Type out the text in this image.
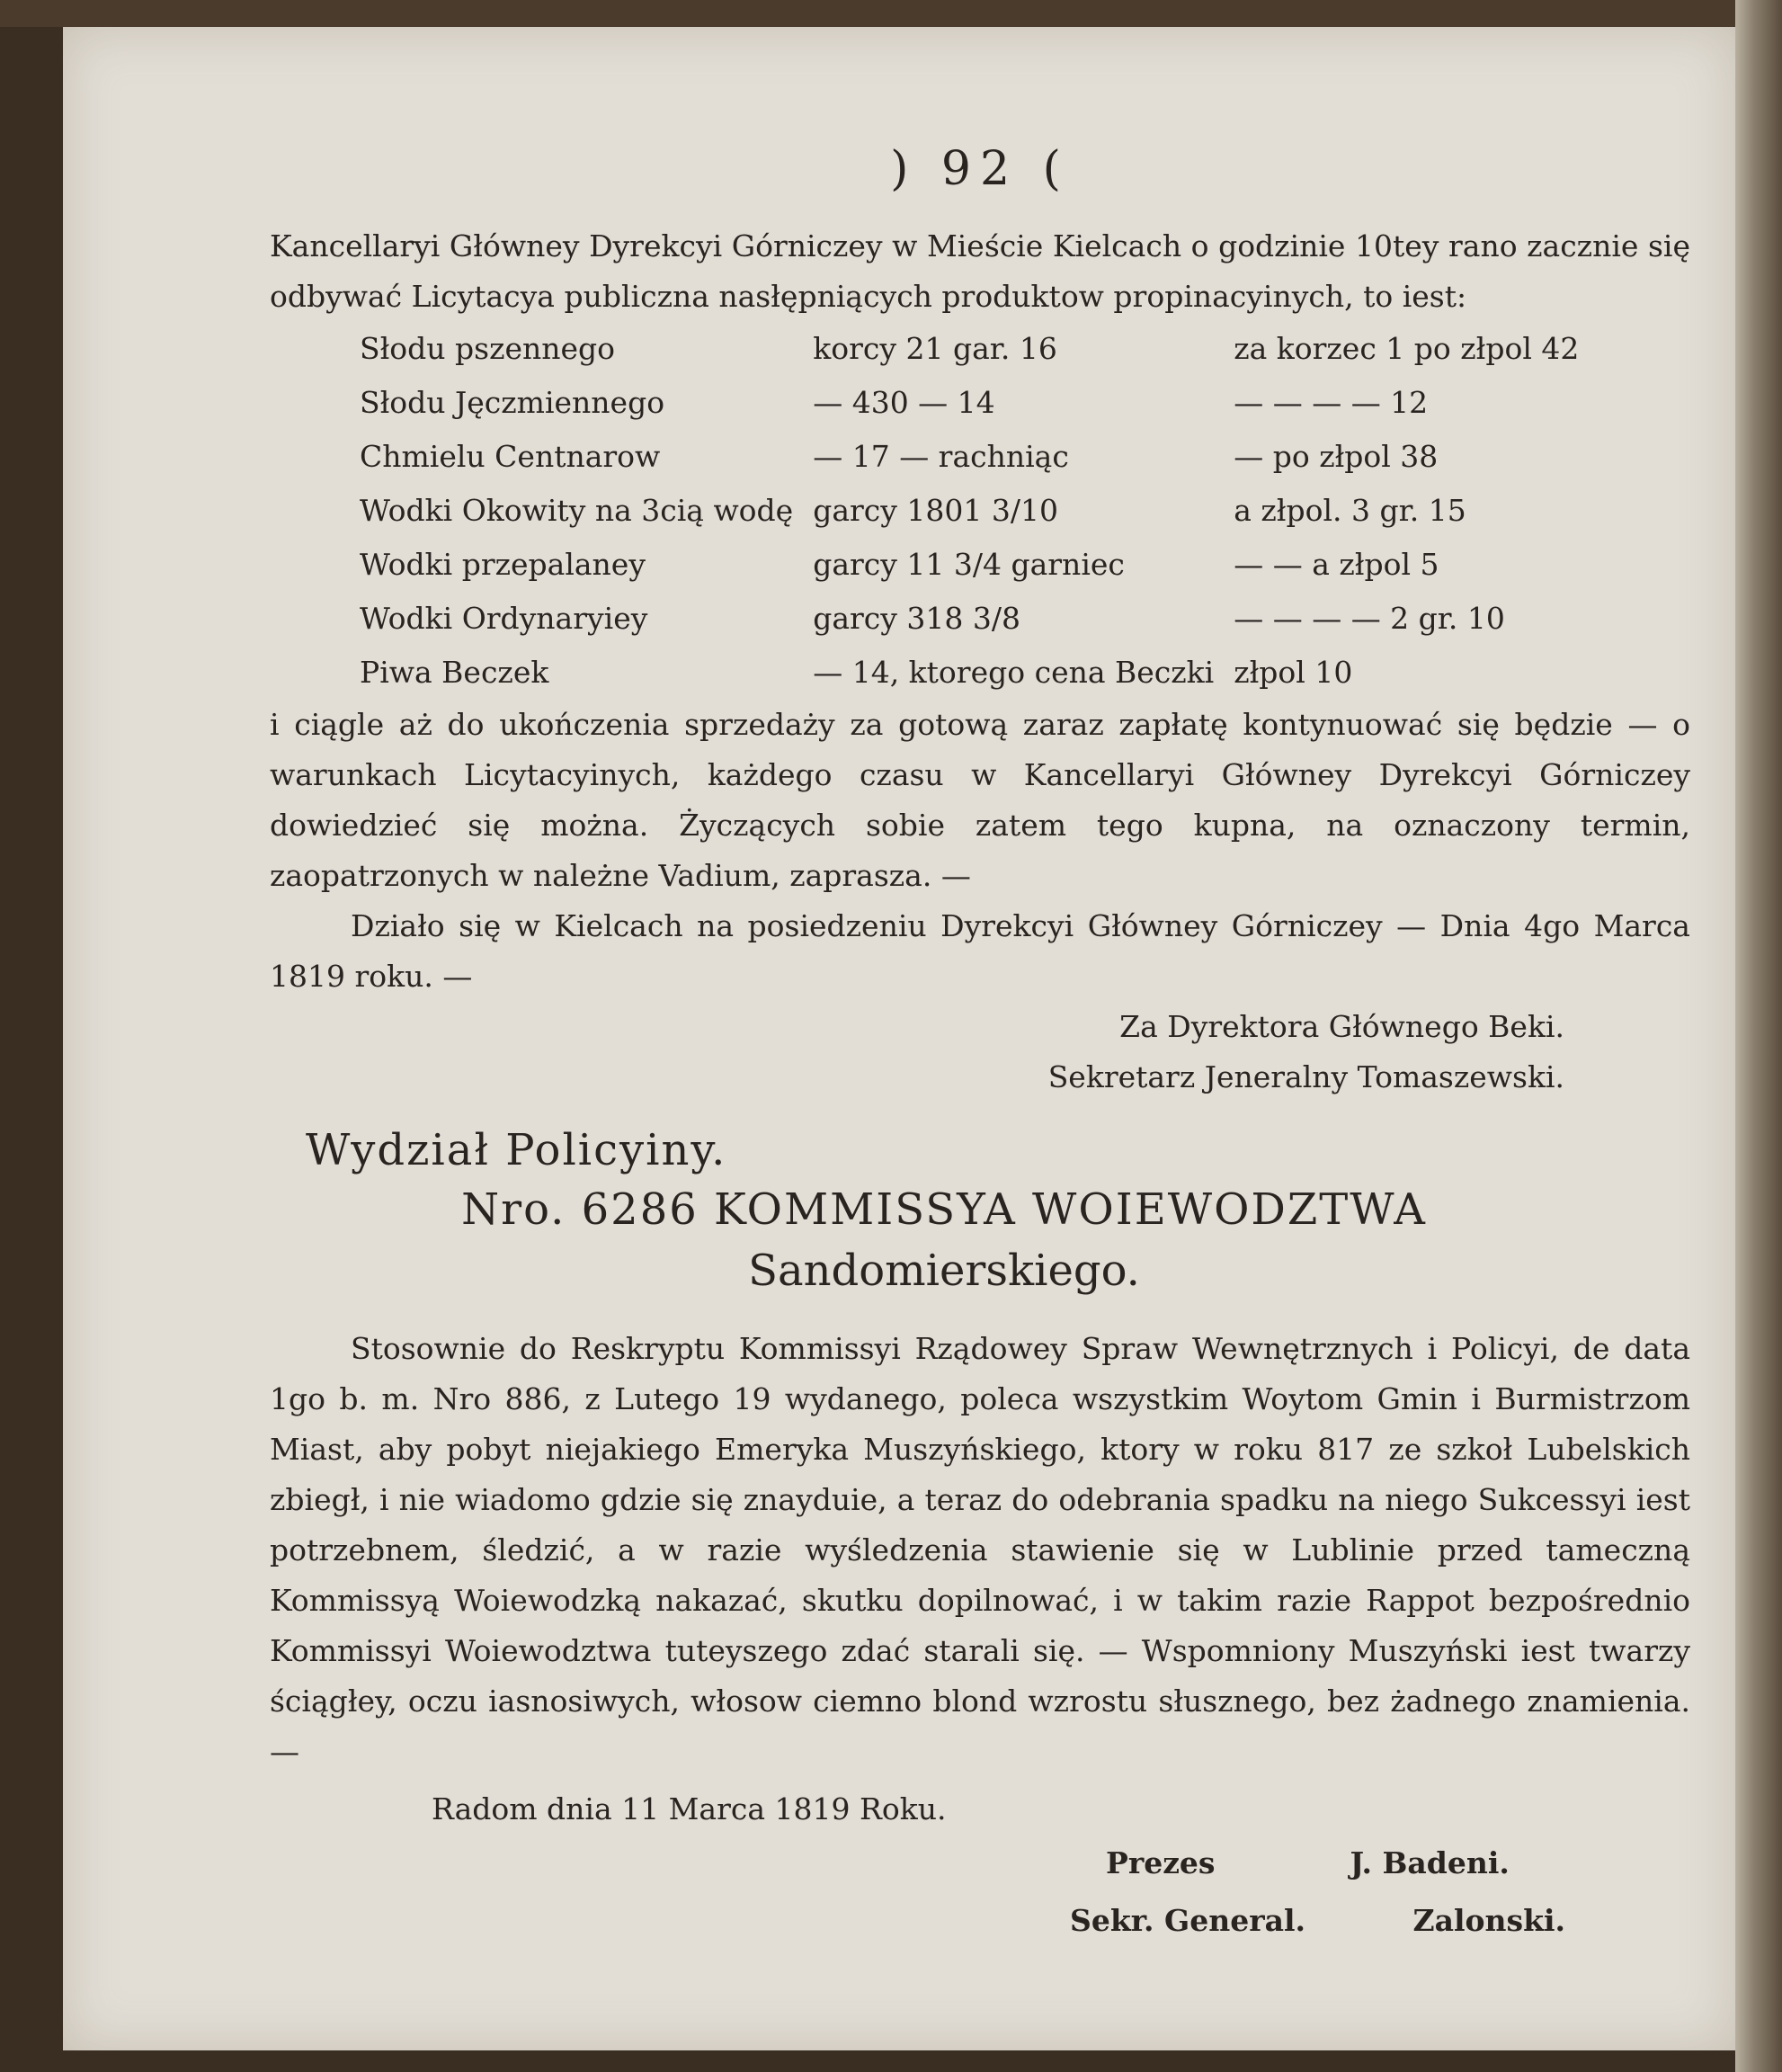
) 92 (

Kancellaryi Główney Dyrekcyi Górniczey w Mieście Kielcach o godzinie 10tey rano zacznie się odbywać Licytacya publiczna nasłępniących produktow propinacyinych, to iest:

Słodu pszennego	korcy 21 gar. 16	za korzec 1 po złpol 42
Słodu Jęczmiennego	— 430 — 14	— — — — 12
Chmielu Centnarow	— 17 — rachniąc	— po złpol 38
Wodki Okowity na 3cią wodę	garcy 1801 3/10	a złpol. 3 gr. 15
Wodki przepalaney	garcy 11 3/4 garniec	— — a złpol 5
Wodki Ordynaryiey	garcy 318 3/8	— — — — 2 gr. 10
Piwa Beczek	— 14, ktorego cena Beczki	złpol 10

i ciągle aż do ukończenia sprzedaży za gotową zaraz zapłatę kontynuować się będzie — o warunkach Licytacyinych, każdego czasu w Kancellaryi Główney Dyrekcyi Górniczey dowiedzieć się można. Życzących sobie zatem tego kupna, na oznaczony termin, zaopatrzonych w należne Vadium, zaprasza. —

Działo się w Kielcach na posiedzeniu Dyrekcyi Główney Górniczey — Dnia 4go Marca 1819 roku. —

Za Dyrektora Głównego Beki.
Sekretarz Jeneralny Tomaszewski.
Wydział Policyiny.
Nro. 6286 KOMMISSYA WOIEWODZTWA
Sandomierskiego.

Stosownie do Reskryptu Kommissyi Rządowey Spraw Wewnętrznych i Policyi, de data 1go b. m. Nro 886, z Lutego 19 wydanego, poleca wszystkim Woytom Gmin i Burmistrzom Miast, aby pobyt niejakiego Emeryka Muszyńskiego, ktory w roku 817 ze szkoł Lubelskich zbiegł, i nie wiadomo gdzie się znayduie, a teraz do odebrania spadku na niego Sukcessyi iest potrzebnem, śledzić, a w razie wyśledzenia stawienie się w Lublinie przed tameczną Kommissyą Woiewodzką nakazać, skutku dopilnować, i w takim razie Rappot bezpośrednio Kommissyi Woiewodztwa tuteyszego zdać starali się. — Wspomniony Muszyński iest twarzy ściągłey, oczu iasnosiwych, włosow ciemno blond wzrostu słusznego, bez żadnego znamienia. —

Radom dnia 11 Marca 1819 Roku.
Prezes	J. Badeni.
Sekr. General.	Zalonski.
